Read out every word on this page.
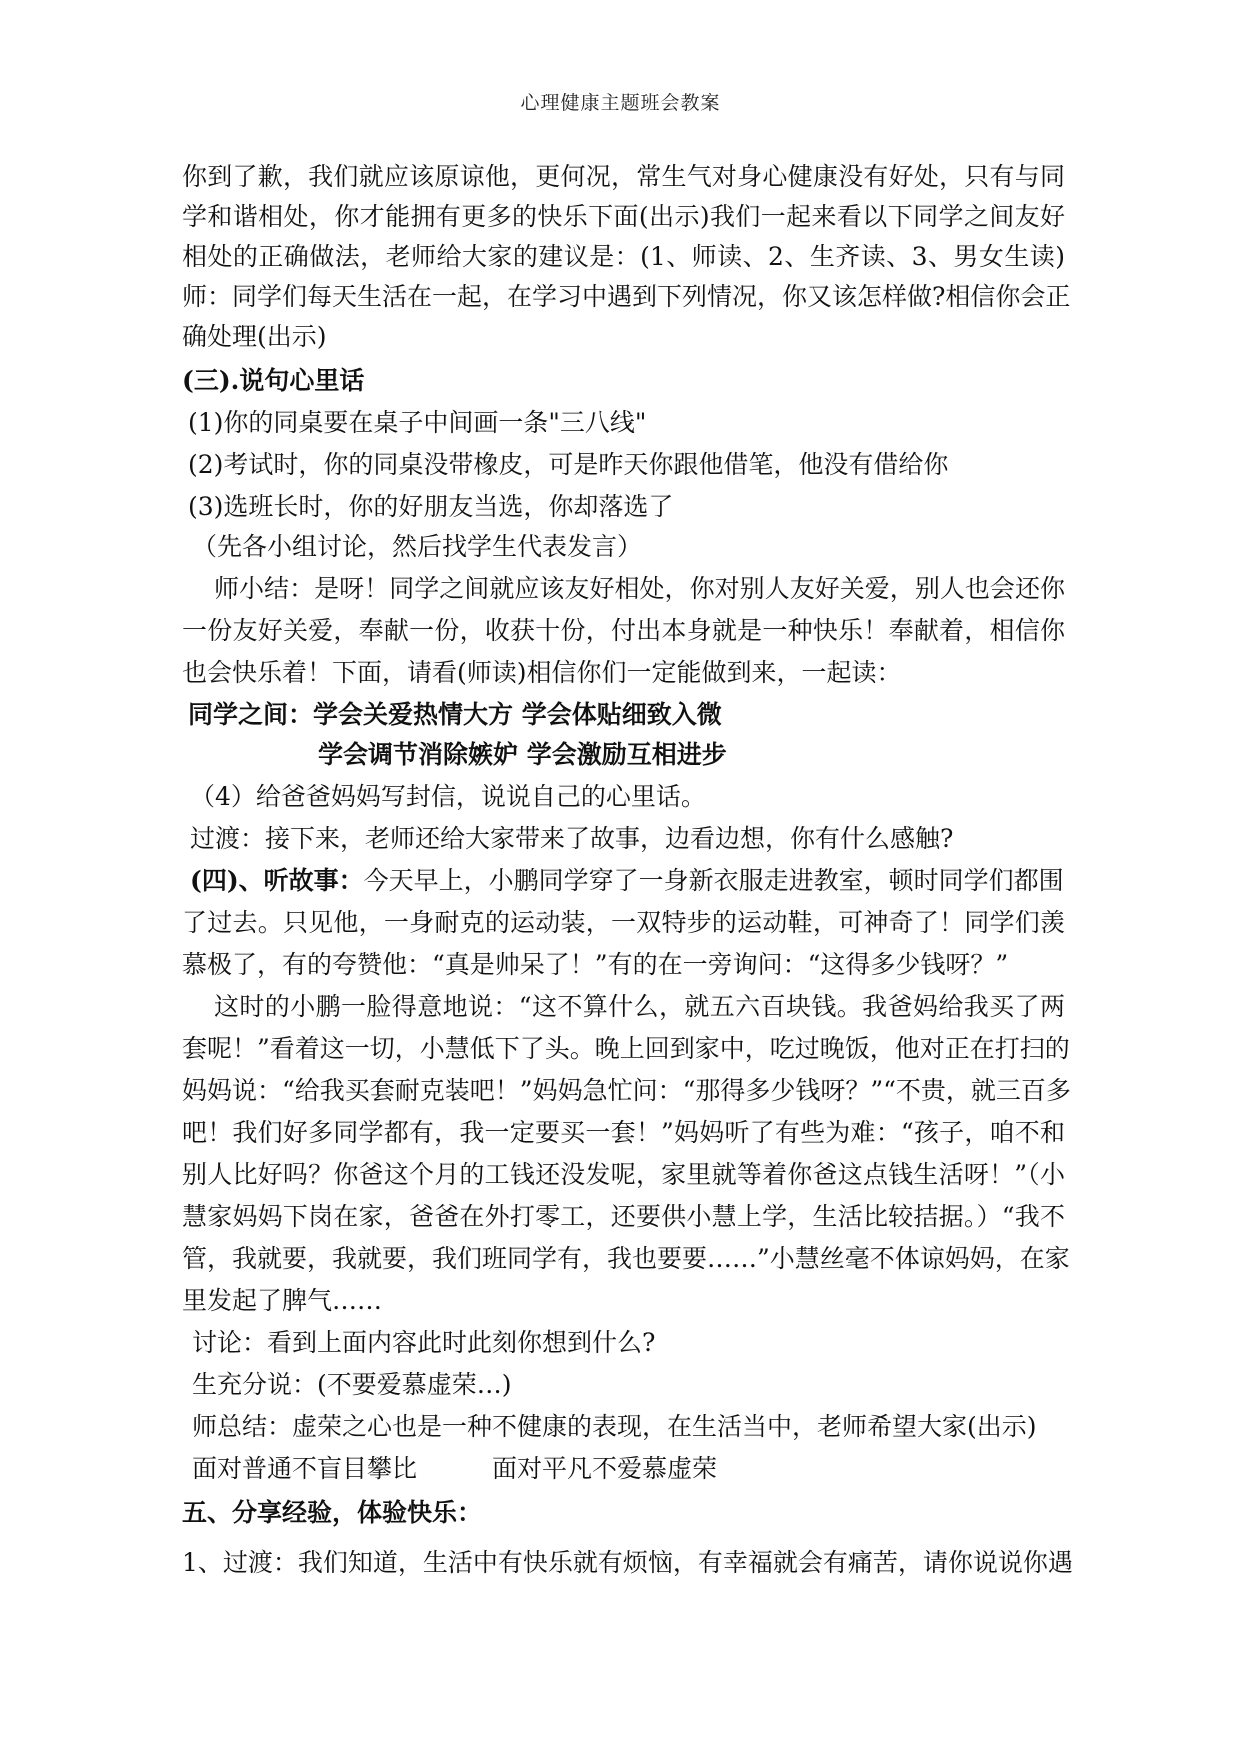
心理健康主题班会教案
你到了歉，我们就应该原谅他，更何况，常生气对身心健康没有好处，只有与同
学和谐相处，你才能拥有更多的快乐下面(出示)我们一起来看以下同学之间友好
相处的正确做法，老师给大家的建议是：(1、师读、2、生齐读、3、男女生读)
师：同学们每天生活在一起，在学习中遇到下列情况，你又该怎样做?相信你会正
确处理(出示)
(三).说句心里话
(1)你的同桌要在桌子中间画一条"三八线"
(2)考试时，你的同桌没带橡皮，可是昨天你跟他借笔，他没有借给你
(3)选班长时，你的好朋友当选，你却落选了
（先各小组讨论，然后找学生代表发言）
师小结：是呀！同学之间就应该友好相处，你对别人友好关爱，别人也会还你
一份友好关爱，奉献一份，收获十份，付出本身就是一种快乐！奉献着，相信你
也会快乐着！下面，请看(师读)相信你们一定能做到来，一起读：
同学之间：学会关爱热情大方 学会体贴细致入微
学会调节消除嫉妒 学会激励互相进步
（4）给爸爸妈妈写封信，说说自己的心里话。
过渡：接下来，老师还给大家带来了故事，边看边想，你有什么感触?
(四)、听故事：今天早上，小鹏同学穿了一身新衣服走进教室，顿时同学们都围
了过去。只见他，一身耐克的运动装，一双特步的运动鞋，可神奇了！同学们羡
慕极了，有的夸赞他：“真是帅呆了！”有的在一旁询问：“这得多少钱呀？”
这时的小鹏一脸得意地说：“这不算什么，就五六百块钱。我爸妈给我买了两
套呢！”看着这一切，小慧低下了头。晚上回到家中，吃过晚饭，他对正在打扫的
妈妈说：“给我买套耐克装吧！”妈妈急忙问：“那得多少钱呀？”“不贵，就三百多
吧！我们好多同学都有，我一定要买一套！”妈妈听了有些为难：“孩子，咱不和
别人比好吗？你爸这个月的工钱还没发呢，家里就等着你爸这点钱生活呀！”（小
慧家妈妈下岗在家，爸爸在外打零工，还要供小慧上学，生活比较拮据。）“我不
管，我就要，我就要，我们班同学有，我也要要……”小慧丝毫不体谅妈妈，在家
里发起了脾气……
讨论：看到上面内容此时此刻你想到什么?
生充分说：(不要爱慕虚荣…)
师总结：虚荣之心也是一种不健康的表现，在生活当中，老师希望大家(出示)
面对普通不盲目攀比	面对平凡不爱慕虚荣
五、分享经验，体验快乐：
1、过渡：我们知道，生活中有快乐就有烦恼，有幸福就会有痛苦，请你说说你遇
